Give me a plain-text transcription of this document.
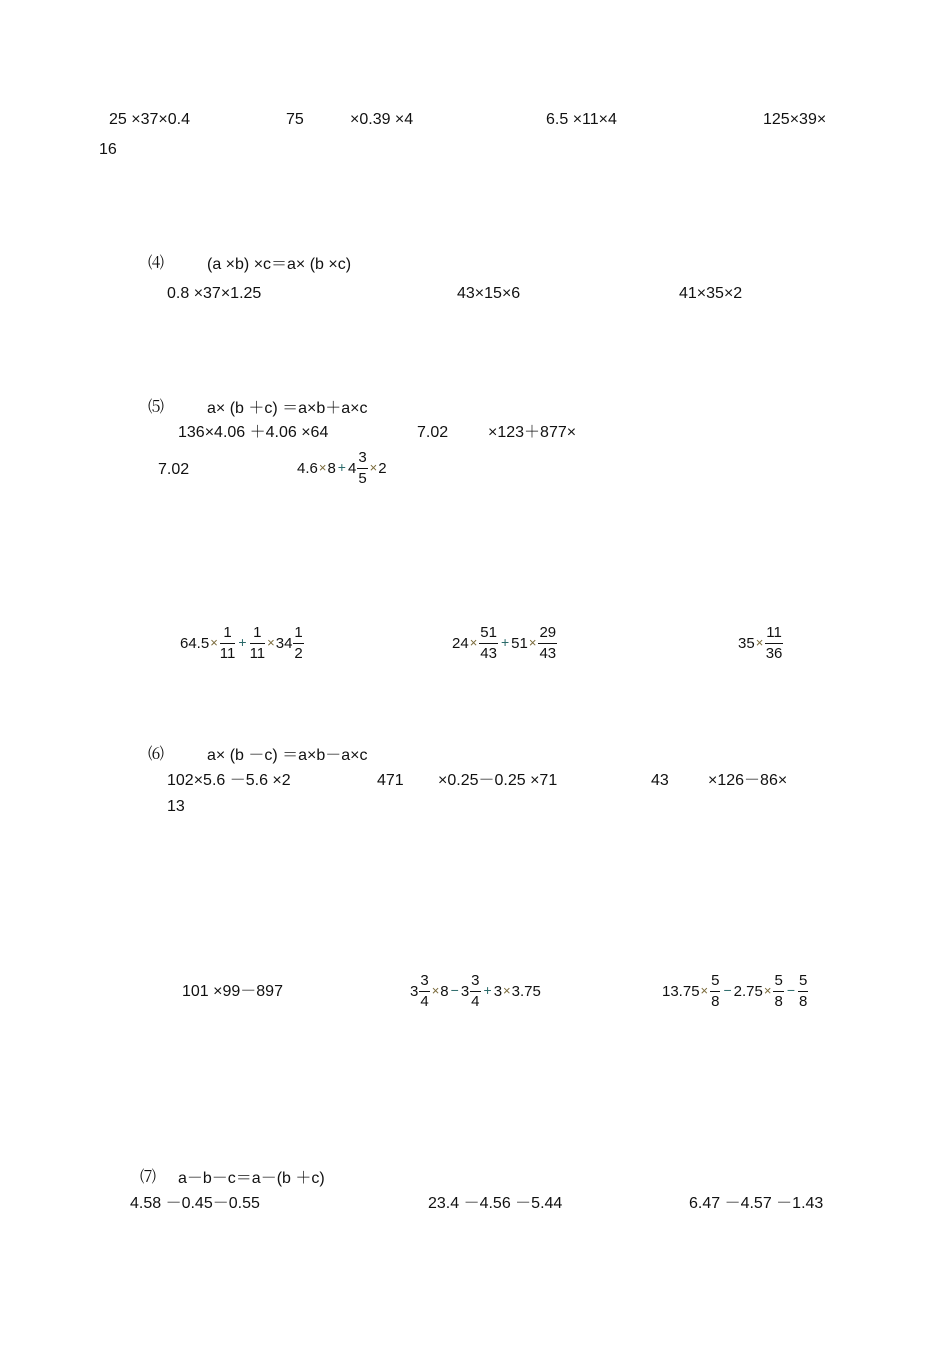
25 ×37×0.4	75	×0.39 ×4	6.5 ×11×4	125×39×
16
⑷	(a ×b) ×c＝a× (b ×c)
0.8 ×37×1.25	43×15×6	41×35×2
⑸	a× (b ＋c) ＝a×b＋a×c
136×4.06 ＋4.06 ×64	7.02 ×123＋877×
7.02	$4.6\times 8 + 4 \frac{3}{5} \times 2$
$64.5\times \frac{1}{11} + \frac{1}{11} \times 34 \frac{1}{2}$	$24\times \frac{51}{43} + 51\times \frac{29}{43}$	$35\times \frac{11}{36}$
⑹	a× (b －c) ＝a×b－a×c
102×5.6 －5.6 ×2	471 ×0.25－0.25 ×71	43 ×126－86×
13
101 ×99－897	$3 \frac{3}{4} \times 8 - 3 \frac{3}{4} + 3\times 3.75$	$13.75\times \frac{5}{8} - 2.75\times \frac{5}{8} - \frac{5}{8}$
⑺ a－b－c＝a－(b ＋c)
4.58 －0.45－0.55	23.4 －4.56 －5.44	6.47 －4.57 －1.43
